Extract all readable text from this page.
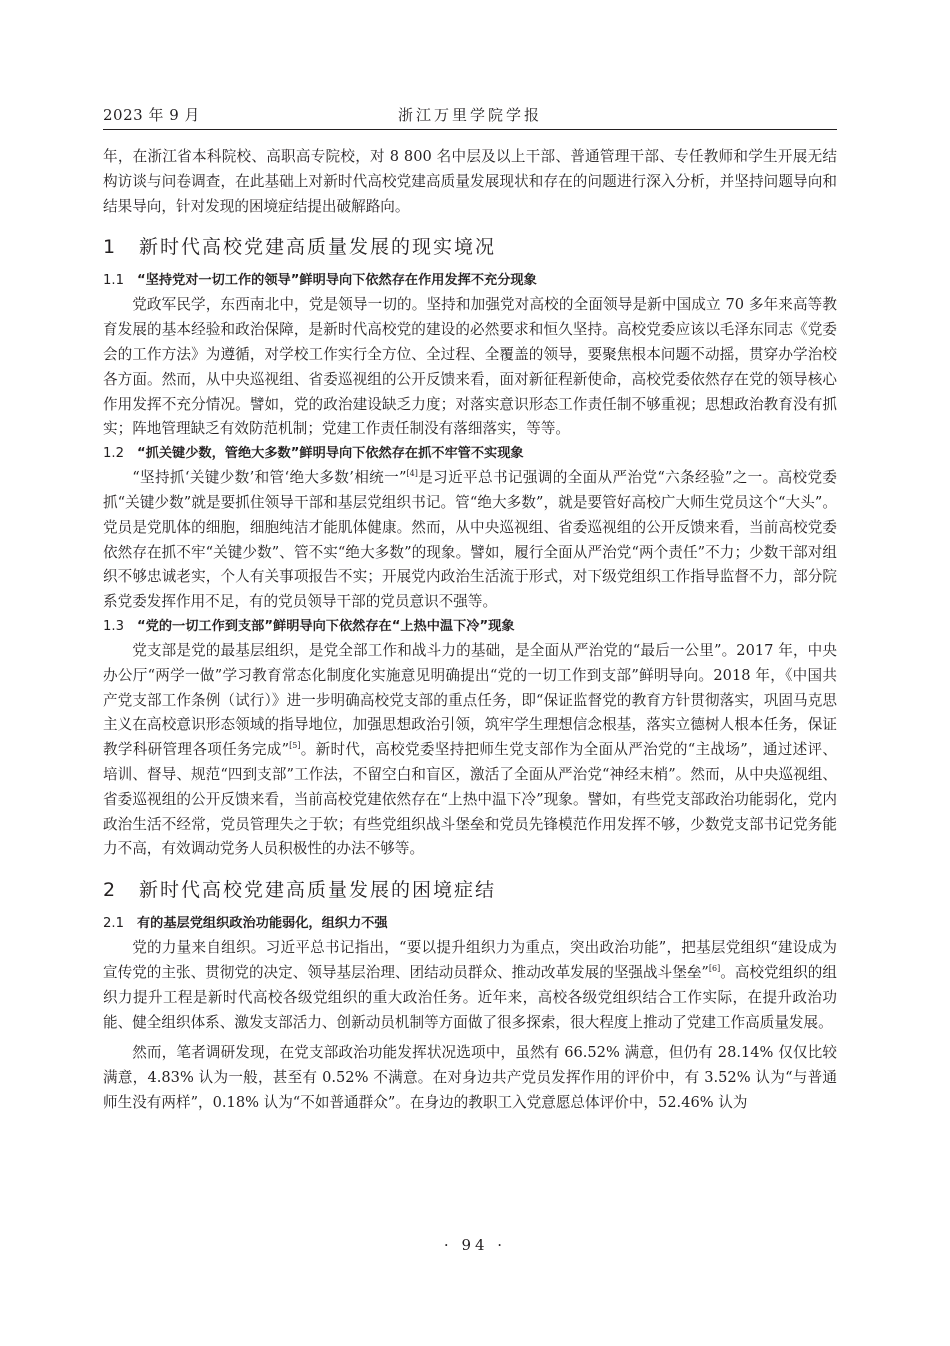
2023 年 9 月	浙江万里学院学报

年，在浙江省本科院校、高职高专院校，对 8 800 名中层及以上干部、普通管理干部、专任教师和学生开展无结构访谈与问卷调查，在此基础上对新时代高校党建高质量发展现状和存在的问题进行深入分析，并坚持问题导向和结果导向，针对发现的困境症结提出破解路向。

1 新时代高校党建高质量发展的现实境况
1.1 “坚持党对一切工作的领导”鲜明导向下依然存在作用发挥不充分现象

党政军民学，东西南北中，党是领导一切的。坚持和加强党对高校的全面领导是新中国成立 70 多年来高等教育发展的基本经验和政治保障，是新时代高校党的建设的必然要求和恒久坚持。高校党委应该以毛泽东同志《党委会的工作方法》为遵循，对学校工作实行全方位、全过程、全覆盖的领导，要聚焦根本问题不动摇，贯穿办学治校各方面。然而，从中央巡视组、省委巡视组的公开反馈来看，面对新征程新使命，高校党委依然存在党的领导核心作用发挥不充分情况。譬如，党的政治建设缺乏力度；对落实意识形态工作责任制不够重视；思想政治教育没有抓实；阵地管理缺乏有效防范机制；党建工作责任制没有落细落实，等等。

1.2 “抓关键少数，管绝大多数”鲜明导向下依然存在抓不牢管不实现象

“坚持抓‘关键少数’和管‘绝大多数’相统一”[4]是习近平总书记强调的全面从严治党“六条经验”之一。高校党委抓“关键少数”就是要抓住领导干部和基层党组织书记。管“绝大多数”，就是要管好高校广大师生党员这个“大头”。党员是党肌体的细胞，细胞纯洁才能肌体健康。然而，从中央巡视组、省委巡视组的公开反馈来看，当前高校党委依然存在抓不牢“关键少数”、管不实“绝大多数”的现象。譬如，履行全面从严治党“两个责任”不力；少数干部对组织不够忠诚老实，个人有关事项报告不实；开展党内政治生活流于形式，对下级党组织工作指导监督不力，部分院系党委发挥作用不足，有的党员领导干部的党员意识不强等。

1.3 “党的一切工作到支部”鲜明导向下依然存在“上热中温下冷”现象

党支部是党的最基层组织，是党全部工作和战斗力的基础，是全面从严治党的“最后一公里”。2017 年，中央办公厅“两学一做”学习教育常态化制度化实施意见明确提出“党的一切工作到支部”鲜明导向。2018 年，《中国共产党支部工作条例（试行）》进一步明确高校党支部的重点任务，即“保证监督党的教育方针贯彻落实，巩固马克思主义在高校意识形态领域的指导地位，加强思想政治引领，筑牢学生理想信念根基，落实立德树人根本任务，保证教学科研管理各项任务完成”[5]。新时代，高校党委坚持把师生党支部作为全面从严治党的“主战场”，通过述评、培训、督导、规范“四到支部”工作法，不留空白和盲区，激活了全面从严治党“神经末梢”。然而，从中央巡视组、省委巡视组的公开反馈来看，当前高校党建依然存在“上热中温下冷”现象。譬如，有些党支部政治功能弱化，党内政治生活不经常，党员管理失之于软；有些党组织战斗堡垒和党员先锋模范作用发挥不够，少数党支部书记党务能力不高，有效调动党务人员积极性的办法不够等。

2 新时代高校党建高质量发展的困境症结
2.1 有的基层党组织政治功能弱化，组织力不强

党的力量来自组织。习近平总书记指出，“要以提升组织力为重点，突出政治功能”，把基层党组织“建设成为宣传党的主张、贯彻党的决定、领导基层治理、团结动员群众、推动改革发展的坚强战斗堡垒”[6]。高校党组织的组织力提升工程是新时代高校各级党组织的重大政治任务。近年来，高校各级党组织结合工作实际，在提升政治功能、健全组织体系、激发支部活力、创新动员机制等方面做了很多探索，很大程度上推动了党建工作高质量发展。

然而，笔者调研发现，在党支部政治功能发挥状况选项中，虽然有 66.52% 满意，但仍有 28.14% 仅仅比较满意，4.83% 认为一般，甚至有 0.52% 不满意。在对身边共产党员发挥作用的评价中，有 3.52% 认为“与普通师生没有两样”，0.18% 认为“不如普通群众”。在身边的教职工入党意愿总体评价中，52.46% 认为

· 94 ·
